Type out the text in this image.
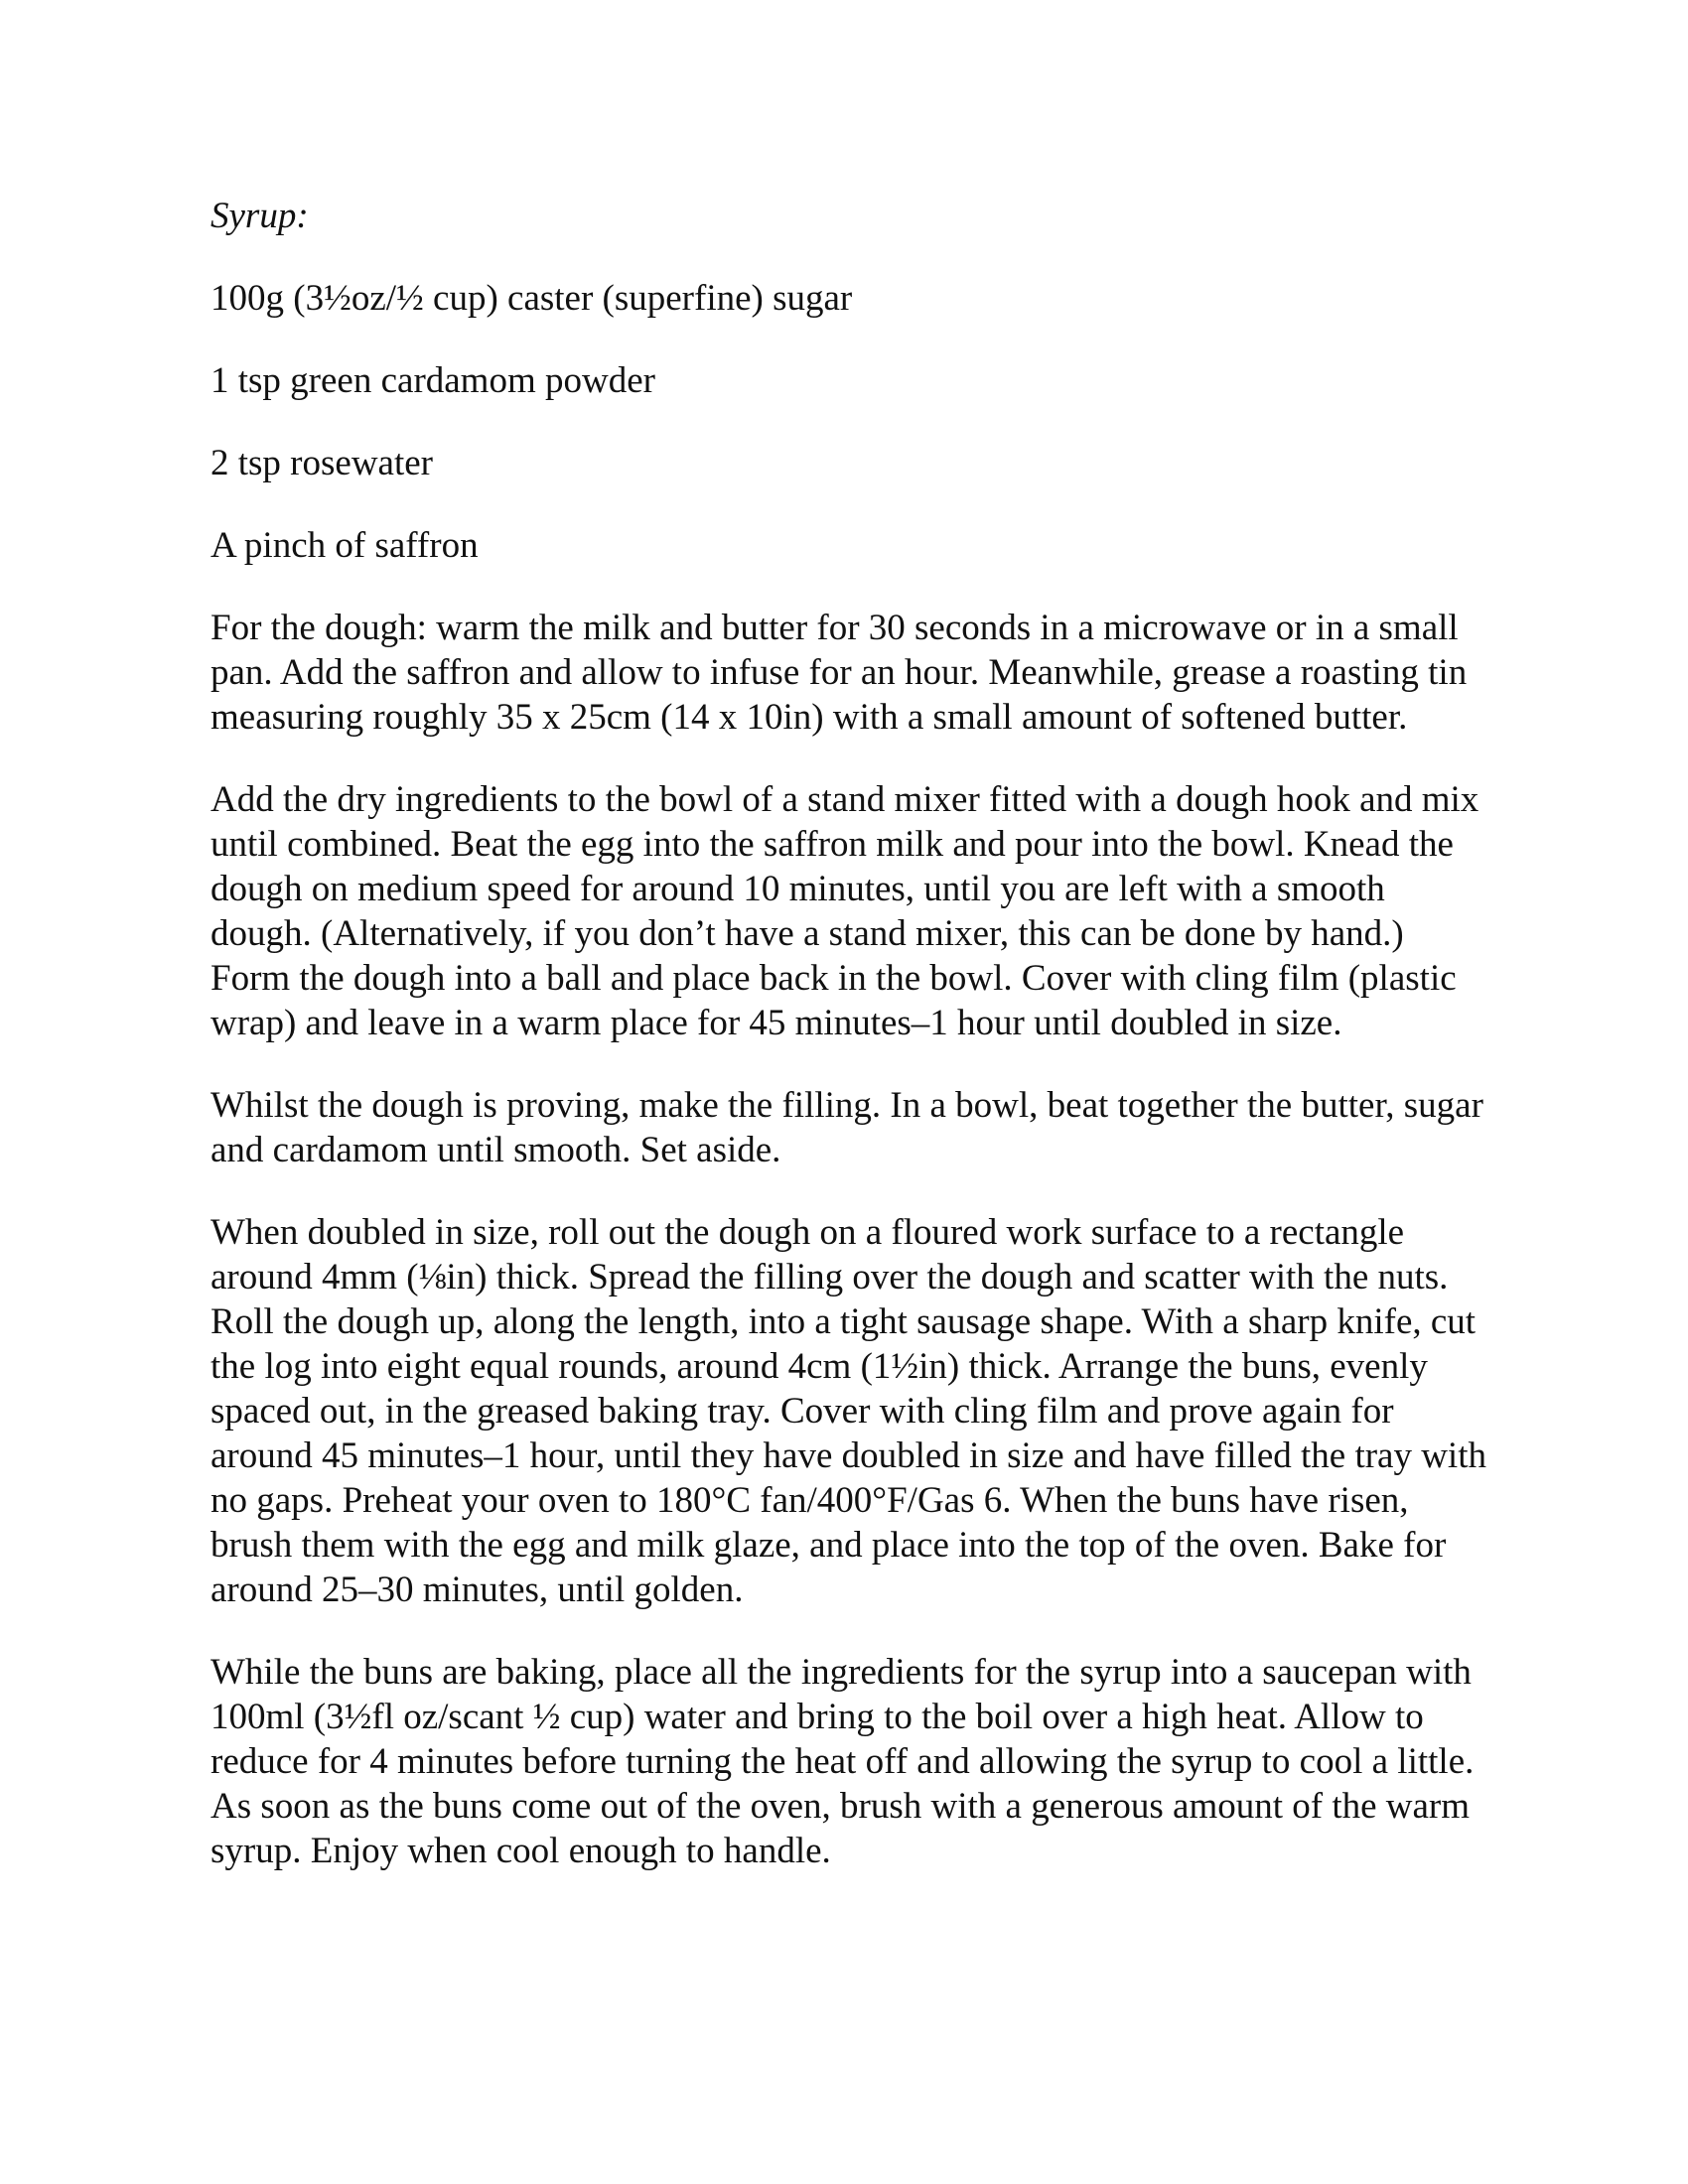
Syrup:

100g (3½oz/½ cup) caster (superfine) sugar

1 tsp green cardamom powder

2 tsp rosewater

A pinch of saffron

For the dough: warm the milk and butter for 30 seconds in a microwave or in a small pan. Add the saffron and allow to infuse for an hour. Meanwhile, grease a roasting tin measuring roughly 35 x 25cm (14 x 10in) with a small amount of softened butter.

Add the dry ingredients to the bowl of a stand mixer fitted with a dough hook and mix until combined. Beat the egg into the saffron milk and pour into the bowl. Knead the dough on medium speed for around 10 minutes, until you are left with a smooth dough. (Alternatively, if you don’t have a stand mixer, this can be done by hand.) Form the dough into a ball and place back in the bowl. Cover with cling film (plastic wrap) and leave in a warm place for 45 minutes–1 hour until doubled in size.

Whilst the dough is proving, make the filling. In a bowl, beat together the butter, sugar and cardamom until smooth. Set aside.

When doubled in size, roll out the dough on a floured work surface to a rectangle around 4mm (⅛in) thick. Spread the filling over the dough and scatter with the nuts. Roll the dough up, along the length, into a tight sausage shape. With a sharp knife, cut the log into eight equal rounds, around 4cm (1½in) thick. Arrange the buns, evenly spaced out, in the greased baking tray. Cover with cling film and prove again for around 45 minutes–1 hour, until they have doubled in size and have filled the tray with no gaps. Preheat your oven to 180°C fan/400°F/Gas 6. When the buns have risen, brush them with the egg and milk glaze, and place into the top of the oven. Bake for around 25–30 minutes, until golden.

While the buns are baking, place all the ingredients for the syrup into a saucepan with 100ml (3½fl oz/scant ½ cup) water and bring to the boil over a high heat. Allow to reduce for 4 minutes before turning the heat off and allowing the syrup to cool a little. As soon as the buns come out of the oven, brush with a generous amount of the warm syrup. Enjoy when cool enough to handle.
